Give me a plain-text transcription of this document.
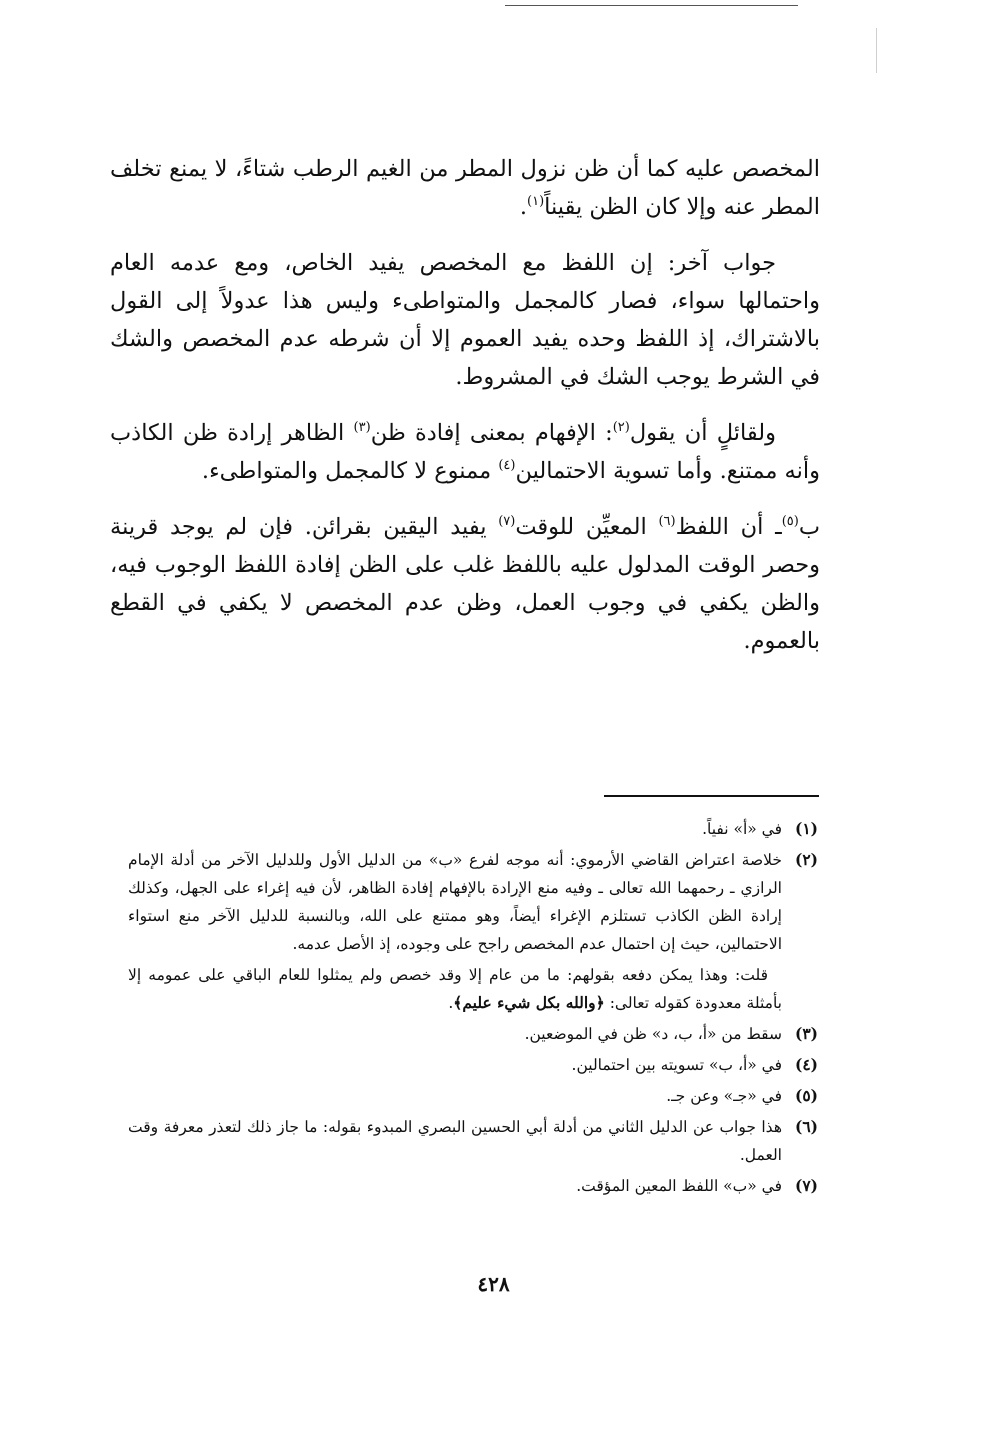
المخصص عليه كما أن ظن نزول المطر من الغيم الرطب شتاءً، لا يمنع تخلف المطر عنه وإلا كان الظن يقيناً$^{(١)}$.

جواب آخر: إن اللفظ مع المخصص يفيد الخاص، ومع عدمه العام واحتمالها سواء، فصار كالمجمل والمتواطىء وليس هذا عدولاً إلى القول بالاشتراك، إذ اللفظ وحده يفيد العموم إلا أن شرطه عدم المخصص والشك في الشرط يوجب الشك في المشروط.

ولقائلٍ أن يقول$^{(٢)}$: الإفهام بمعنى إفادة ظن$^{(٣)}$ الظاهر إرادة ظن الكاذب وأنه ممتنع. وأما تسوية الاحتمالين$^{(٤)}$ ممنوع لا كالمجمل والمتواطىء.

ب$^{(٥)}$ـ أن اللفظ$^{(٦)}$ المعيِّن للوقت$^{(٧)}$ يفيد اليقين بقرائن. فإن لم يوجد قرينة وحصر الوقت المدلول عليه باللفظ غلب على الظن إفادة اللفظ الوجوب فيه، والظن يكفي في وجوب العمل، وظن عدم المخصص لا يكفي في القطع بالعموم.

(١)في «أ» نفياً.

(٢)خلاصة اعتراض القاضي الأرموي: أنه موجه لفرع «ب» من الدليل الأول وللدليل الآخر من أدلة الإمام الرازي ـ رحمهما الله تعالى ـ وفيه منع الإرادة بالإفهام إفادة الظاهر، لأن فيه إغراء على الجهل، وكذلك إرادة الظن الكاذب تستلزم الإغراء أيضاً، وهو ممتنع على الله، وبالنسبة للدليل الآخر منع استواء الاحتمالين، حيث إن احتمال عدم المخصص راجح على وجوده، إذ الأصل عدمه.

قلت: وهذا يمكن دفعه بقولهم: ما من عام إلا وقد خصص ولم يمثلوا للعام الباقي على عمومه إلا بأمثلة معدودة كقوله تعالى: ﴿والله بكل شيء عليم﴾.

(٣)سقط من «أ، ب، د» ظن في الموضعين.

(٤)في «أ، ب» تسويته بين احتمالين.

(٥)في «جـ» وعن جـ.

(٦)هذا جواب عن الدليل الثاني من أدلة أبي الحسين البصري المبدوء بقوله: ما جاز ذلك لتعذر معرفة وقت العمل.

(٧)في «ب» اللفظ المعين المؤقت.

٤٢٨
